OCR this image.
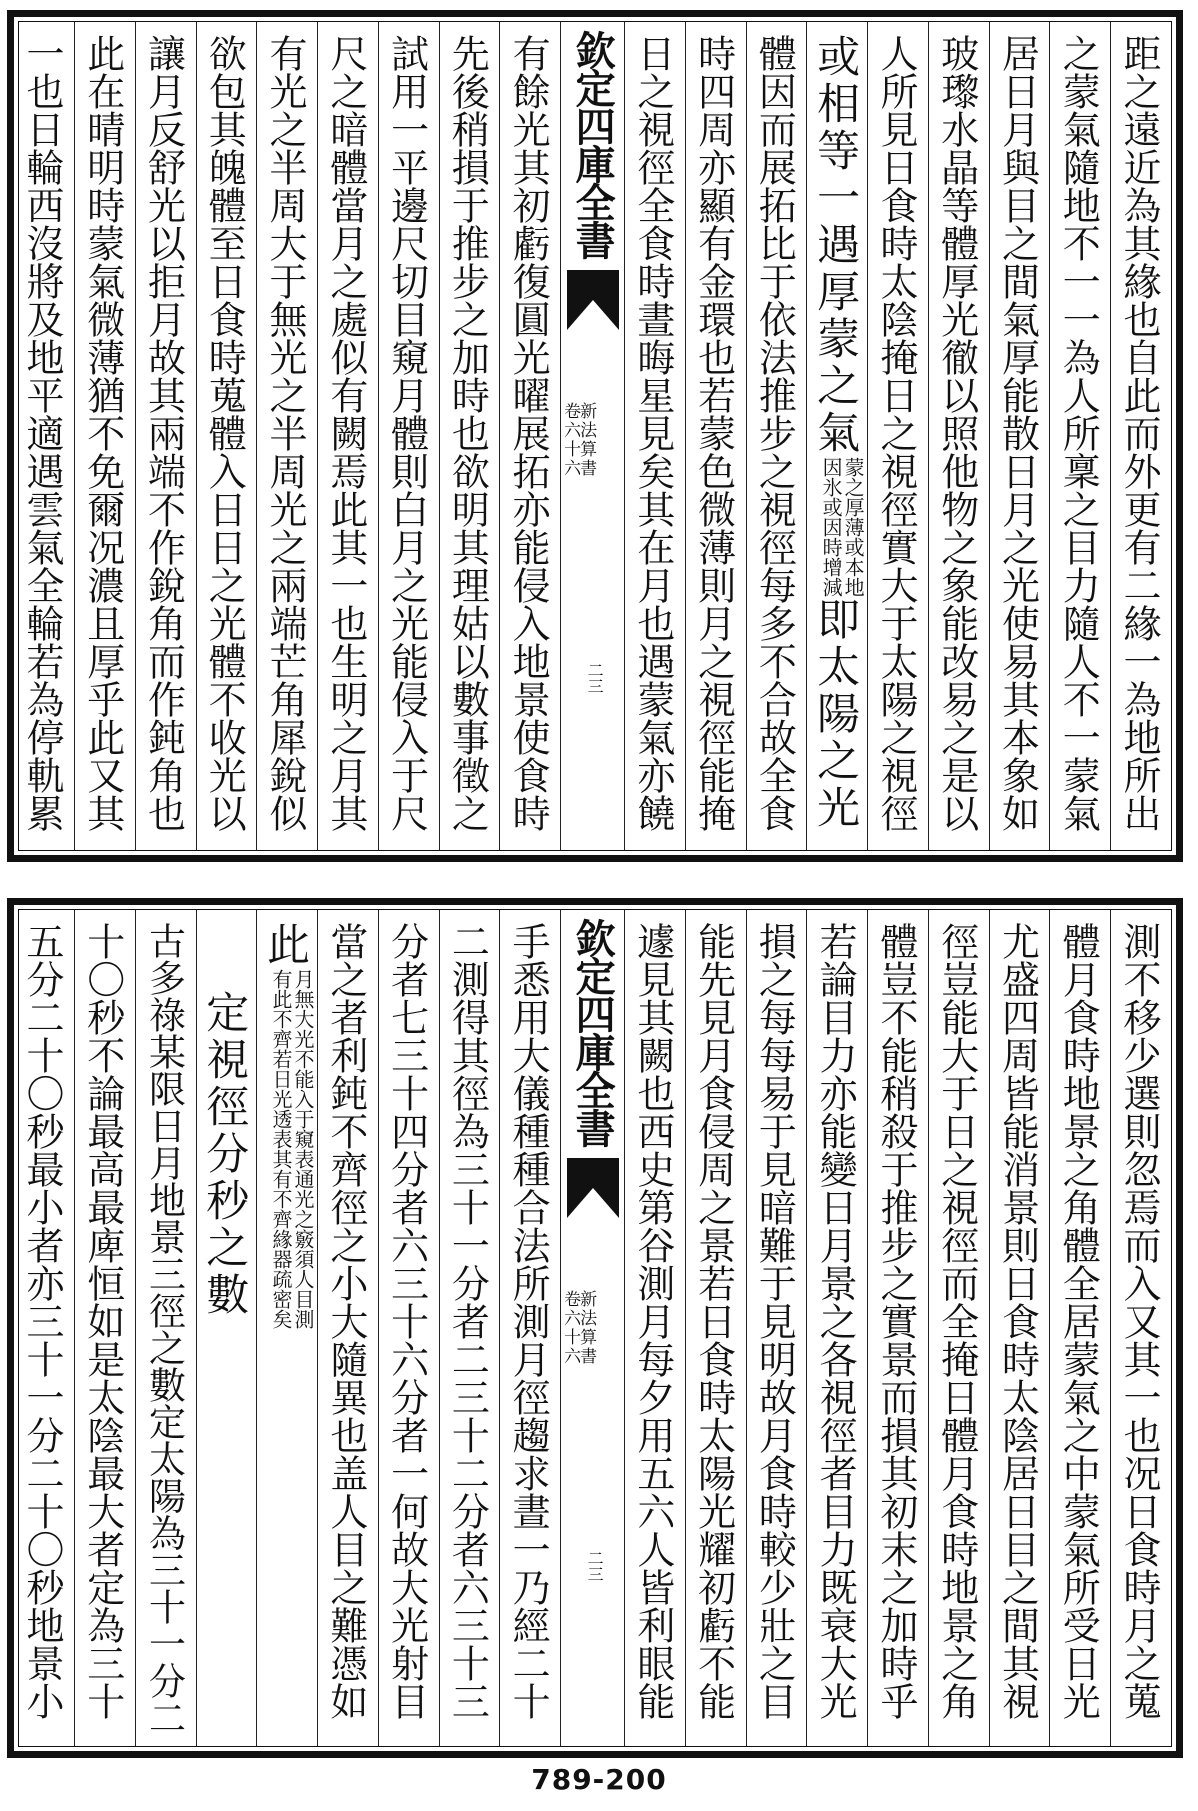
距之遠近為其緣也自此而外更有二緣一為地所出
之蒙氣隨地不一一為人所稟之目力隨人不一蒙氣
居日月與目之間氣厚能散日月之光使易其本象如
玻瓈水晶等體厚光徹以照他物之象能改易之是以
人所見日食時太陰掩日之視徑實大于太陽之視徑
或相等一遇厚蒙之氣
蒙之厚薄或本地
因氷或因時增減
即太陽之光
體因而展拓比于依法推步之視徑每多不合故全食
時四周亦顯有金環也若蒙色微薄則月之視徑能掩
日之視徑全食時晝晦星見矣其在月也遇蒙氣亦饒
欽定四庫全書
新法算書
卷六十六
二三
有餘光其初虧復圓光曜展拓亦能侵入地景使食時
先後稍損于推步之加時也欲明其理姑以數事徵之
試用一平邊尺切目窺月體則白月之光能侵入于尺
尺之暗體當月之處似有闕焉此其一也生明之月其
有光之半周大于無光之半周光之兩端芒角犀銳似
欲包其魄體至日食時蒐體入日日之光體不收光以
讓月反舒光以拒月故其兩端不作銳角而作鈍角也
此在晴明時蒙氣微薄猶不免爾况濃且厚乎此又其
一也日輪西沒將及地平適遇雲氣全輪若為停軌累
測不移少選則忽焉而入又其一也况日食時月之蒐
體月食時地景之角體全居蒙氣之中蒙氣所受日光
尤盛四周皆能消景則日食時太陰居日目之間其視
徑豈能大于日之視徑而全掩日體月食時地景之角
體豈不能稍殺于推步之實景而損其初末之加時乎
若論目力亦能變日月景之各視徑者目力既衰大光
損之每每易于見暗難于見明故月食時較少壯之目
能先見月食侵周之景若日食時太陽光耀初虧不能
遽見其闕也西史第谷測月每夕用五六人皆利眼能
欽定四庫全書
新法算書
卷六十六
二三
手悉用大儀種種合法所測月徑趨求晝一乃經二十
二測得其徑為三十一分者二三十二分者六三十三
分者七三十四分者六三十六分者一何故大光射目
當之者利鈍不齊徑之小大隨異也盖人目之難憑如
此
月無大光不能入于窺表通光之竅須人目測
有此不齊若日光透表其有不齊緣器疏密矣
定視徑分秒之數
古多祿某限日月地景三徑之數定太陽為三十一分二
十〇秒不論最高最庳恒如是太陰最大者定為三十
五分二十〇秒最小者亦三十一分二十〇秒地景小
789-200
